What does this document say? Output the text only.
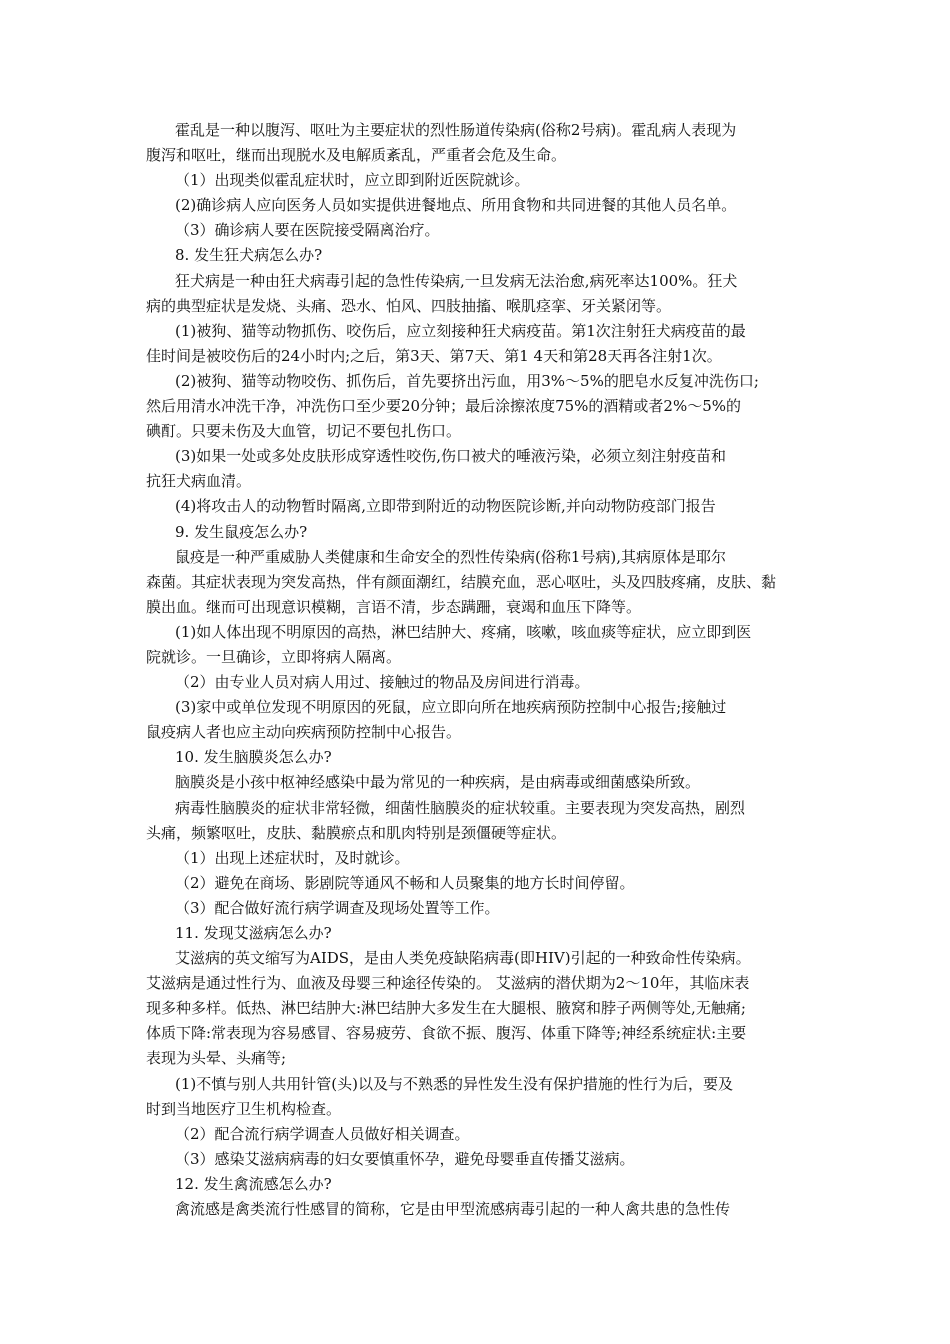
霍乱是一种以腹泻、呕吐为主要症状的烈性肠道传染病(俗称2号病)。霍乱病人表现为
腹泻和呕吐，继而出现脱水及电解质紊乱，严重者会危及生命。
（1）出现类似霍乱症状时，应立即到附近医院就诊。
(2)确诊病人应向医务人员如实提供进餐地点、所用食物和共同进餐的其他人员名单。
（3）确诊病人要在医院接受隔离治疗。
8. 发生狂犬病怎么办?
狂犬病是一种由狂犬病毒引起的急性传染病,一旦发病无法治愈,病死率达100%。狂犬
病的典型症状是发烧、头痛、恐水、怕风、四肢抽搐、喉肌痉挛、牙关紧闭等。
(1)被狗、猫等动物抓伤、咬伤后，应立刻接种狂犬病疫苗。第1次注射狂犬病疫苗的最
佳时间是被咬伤后的24小时内;之后，第3天、第7天、第1 4天和第28天再各注射1次。
(2)被狗、猫等动物咬伤、抓伤后，首先要挤出污血，用3%～5%的肥皂水反复冲洗伤口;
然后用清水冲洗干净，冲洗伤口至少要20分钟；最后涂擦浓度75%的酒精或者2%～5%的
碘酊。只要未伤及大血管，切记不要包扎伤口。
(3)如果一处或多处皮肤形成穿透性咬伤,伤口被犬的唾液污染，必须立刻注射疫苗和
抗狂犬病血清。
(4)将攻击人的动物暂时隔离,立即带到附近的动物医院诊断,并向动物防疫部门报告
9. 发生鼠疫怎么办?
鼠疫是一种严重威胁人类健康和生命安全的烈性传染病(俗称1号病),其病原体是耶尔
森菌。其症状表现为突发高热，伴有颜面潮红，结膜充血，恶心呕吐，头及四肢疼痛，皮肤、黏
膜出血。继而可出现意识模糊，言语不清，步态蹒跚，衰竭和血压下降等。
(1)如人体出现不明原因的高热，淋巴结肿大、疼痛，咳嗽，咳血痰等症状，应立即到医
院就诊。一旦确诊，立即将病人隔离。
（2）由专业人员对病人用过、接触过的物品及房间进行消毒。
(3)家中或单位发现不明原因的死鼠，应立即向所在地疾病预防控制中心报告;接触过
鼠疫病人者也应主动向疾病预防控制中心报告。
10. 发生脑膜炎怎么办?
脑膜炎是小孩中枢神经感染中最为常见的一种疾病，是由病毒或细菌感染所致。
病毒性脑膜炎的症状非常轻微，细菌性脑膜炎的症状较重。主要表现为突发高热，剧烈
头痛，频繁呕吐，皮肤、黏膜瘀点和肌肉特别是颈僵硬等症状。
（1）出现上述症状时，及时就诊。
（2）避免在商场、影剧院等通风不畅和人员聚集的地方长时间停留。
（3）配合做好流行病学调查及现场处置等工作。
11. 发现艾滋病怎么办?
艾滋病的英文缩写为AIDS，是由人类免疫缺陷病毒(即HIV)引起的一种致命性传染病。
艾滋病是通过性行为、血液及母婴三种途径传染的。 艾滋病的潜伏期为2～10年，其临床表
现多种多样。低热、淋巴结肿大:淋巴结肿大多发生在大腿根、腋窝和脖子两侧等处,无触痛;
体质下降:常表现为容易感冒、容易疲劳、食欲不振、腹泻、体重下降等;神经系统症状:主要
表现为头晕、头痛等;
(1)不慎与别人共用针管(头)以及与不熟悉的异性发生没有保护措施的性行为后，要及
时到当地医疗卫生机构检查。
（2）配合流行病学调查人员做好相关调查。
（3）感染艾滋病病毒的妇女要慎重怀孕，避免母婴垂直传播艾滋病。
12. 发生禽流感怎么办?
禽流感是禽类流行性感冒的简称，它是由甲型流感病毒引起的一种人禽共患的急性传
